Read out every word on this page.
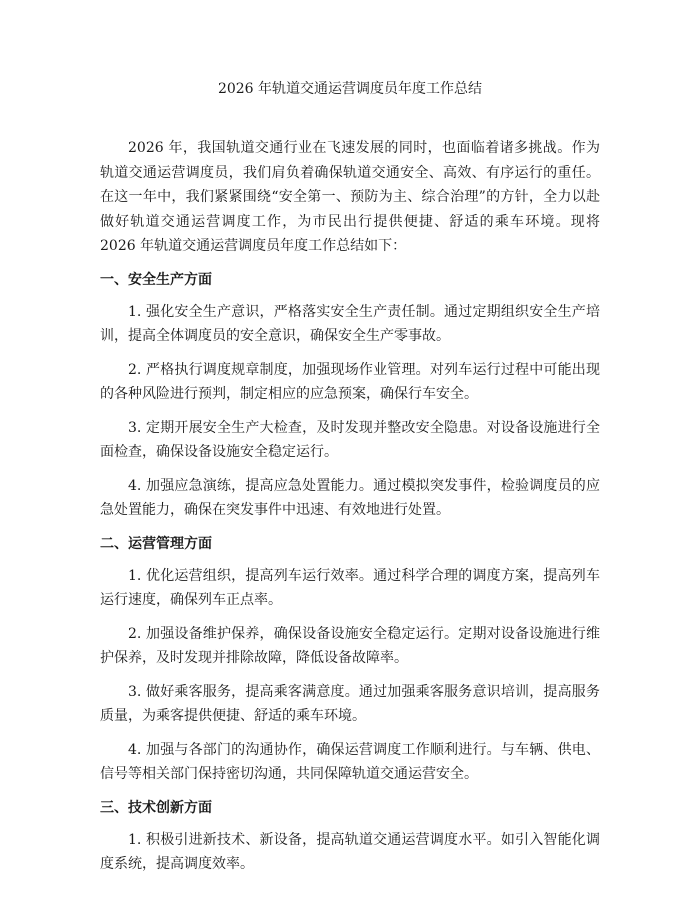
2026 年轨道交通运营调度员年度工作总结

2026 年，我国轨道交通行业在飞速发展的同时，也面临着诸多挑战。作为轨道交通运营调度员，我们肩负着确保轨道交通安全、高效、有序运行的重任。在这一年中，我们紧紧围绕“安全第一、预防为主、综合治理”的方针，全力以赴做好轨道交通运营调度工作，为市民出行提供便捷、舒适的乘车环境。现将 2026 年轨道交通运营调度员年度工作总结如下：

一、安全生产方面

1. 强化安全生产意识，严格落实安全生产责任制。通过定期组织安全生产培训，提高全体调度员的安全意识，确保安全生产零事故。

2. 严格执行调度规章制度，加强现场作业管理。对列车运行过程中可能出现的各种风险进行预判，制定相应的应急预案，确保行车安全。

3. 定期开展安全生产大检查，及时发现并整改安全隐患。对设备设施进行全面检查，确保设备设施安全稳定运行。

4. 加强应急演练，提高应急处置能力。通过模拟突发事件，检验调度员的应急处置能力，确保在突发事件中迅速、有效地进行处置。

二、运营管理方面

1. 优化运营组织，提高列车运行效率。通过科学合理的调度方案，提高列车运行速度，确保列车正点率。

2. 加强设备维护保养，确保设备设施安全稳定运行。定期对设备设施进行维护保养，及时发现并排除故障，降低设备故障率。

3. 做好乘客服务，提高乘客满意度。通过加强乘客服务意识培训，提高服务质量，为乘客提供便捷、舒适的乘车环境。

4. 加强与各部门的沟通协作，确保运营调度工作顺利进行。与车辆、供电、信号等相关部门保持密切沟通，共同保障轨道交通运营安全。

三、技术创新方面

1. 积极引进新技术、新设备，提高轨道交通运营调度水平。如引入智能化调度系统，提高调度效率。
